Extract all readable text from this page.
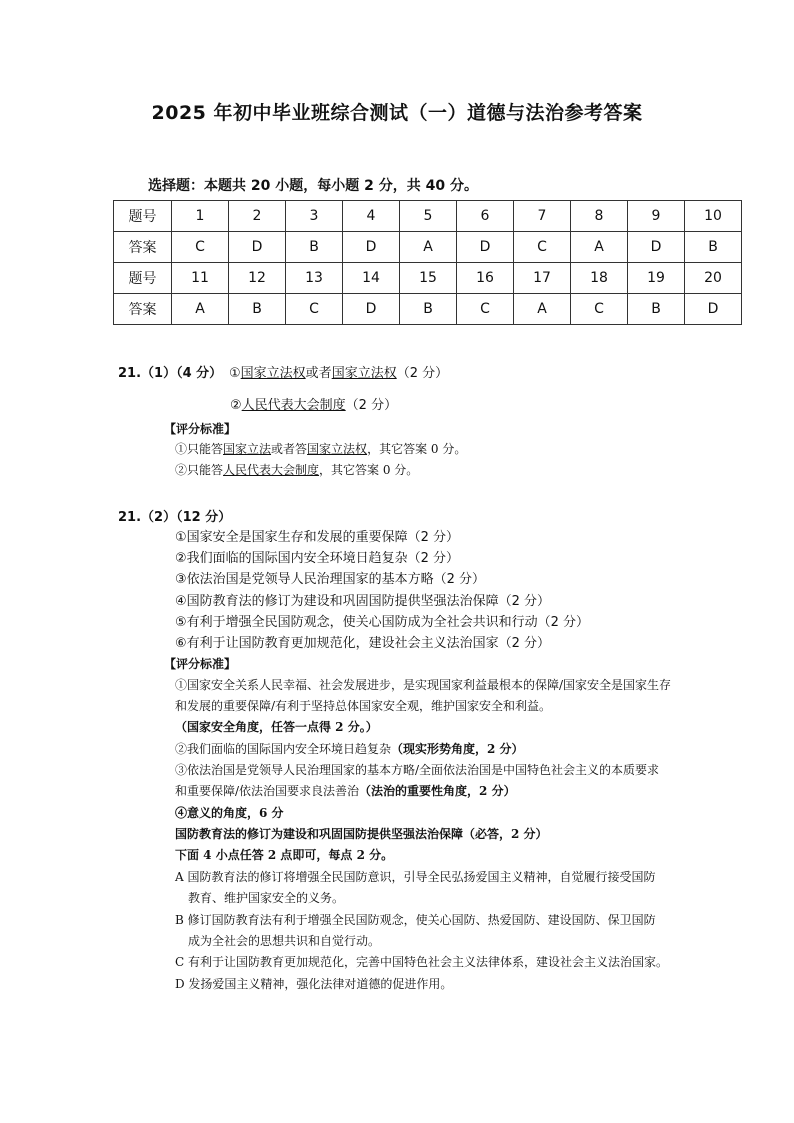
2025 年初中毕业班综合测试（一）道德与法治参考答案
选择题：本题共 20 小题，每小题 2 分，共 40 分。
题号	1	2	3	4	5	6	7	8	9	10
答案	C	D	B	D	A	D	C	A	D	B
题号	11	12	13	14	15	16	17	18	19	20
答案	A	B	C	D	B	C	A	C	B	D
21.（1）（4 分） ①国家立法权或者国家立法权（2 分）
②人民代表大会制度（2 分）
【评分标准】
①只能答国家立法或者答国家立法权，其它答案 0 分。
②只能答人民代表大会制度，其它答案 0 分。
21.（2）（12 分）
①国家安全是国家生存和发展的重要保障（2 分）
②我们面临的国际国内安全环境日趋复杂（2 分）
③依法治国是党领导人民治理国家的基本方略（2 分）
④国防教育法的修订为建设和巩固国防提供坚强法治保障（2 分）
⑤有利于增强全民国防观念，使关心国防成为全社会共识和行动（2 分）
⑥有利于让国防教育更加规范化，建设社会主义法治国家（2 分）
【评分标准】
①国家安全关系人民幸福、社会发展进步，是实现国家利益最根本的保障/国家安全是国家生存
和发展的重要保障/有利于坚持总体国家安全观，维护国家安全和利益。
（国家安全角度，任答一点得 2 分。）
②我们面临的国际国内安全环境日趋复杂（现实形势角度，2 分）
③依法治国是党领导人民治理国家的基本方略/全面依法治国是中国特色社会主义的本质要求
和重要保障/依法治国要求良法善治（法治的重要性角度，2 分）
④意义的角度，6 分
国防教育法的修订为建设和巩固国防提供坚强法治保障（必答，2 分）
下面 4 小点任答 2 点即可，每点 2 分。
A 国防教育法的修订将增强全民国防意识，引导全民弘扬爱国主义精神，自觉履行接受国防
教育、维护国家安全的义务。
B 修订国防教育法有利于增强全民国防观念，使关心国防、热爱国防、建设国防、保卫国防
成为全社会的思想共识和自觉行动。
C 有利于让国防教育更加规范化，完善中国特色社会主义法律体系，建设社会主义法治国家。
D 发扬爱国主义精神，强化法律对道德的促进作用。
